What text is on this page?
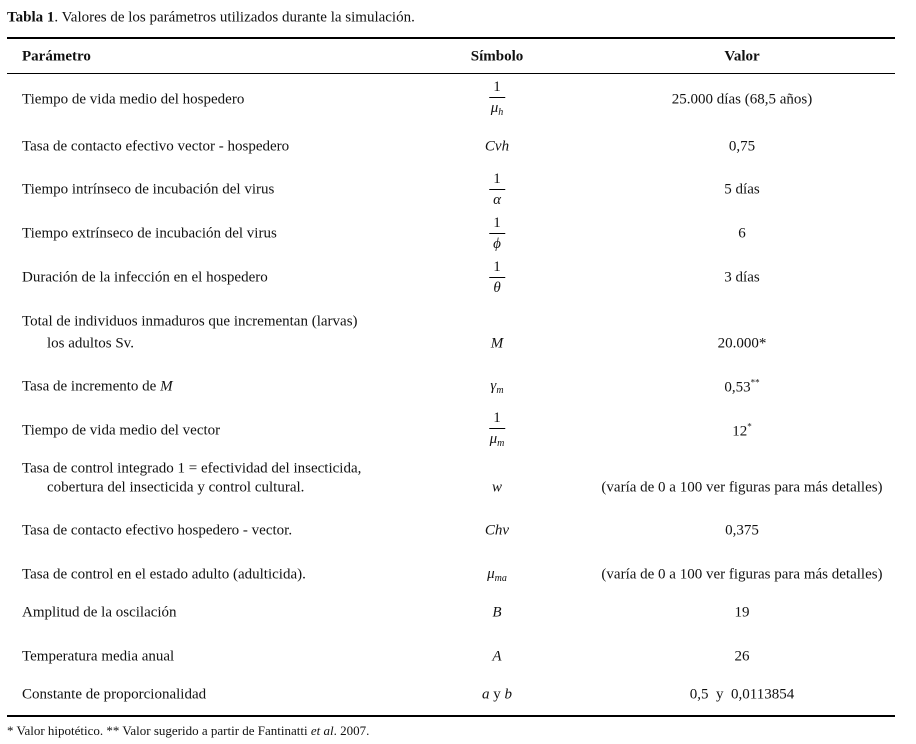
Tabla 1. Valores de los parámetros utilizados durante la simulación.
Parámetro	Símbolo	Valor
Tiempo de vida medio del hospedero	$\frac{1}{\mu_h}$	25.000 días (68,5 años)
Tasa de contacto efectivo vector - hospedero	Cvh	0,75
Tiempo intrínseco de incubación del virus	$\frac{1}{\alpha}$	5 días
Tiempo extrínseco de incubación del virus	$\frac{1}{\phi}$	6
Duración de la infección en el hospedero	$\frac{1}{\theta}$	3 días
Total de individuos inmaduros que incrementan (larvas)
los adultos Sv.	M	20.000*
Tasa de incremento de M	$\gamma_m$	0,53**
Tiempo de vida medio del vector	$\frac{1}{\mu_m}$	12*
Tasa de control integrado 1 = efectividad del insecticida,
cobertura del insecticida y control cultural.	w	(varía de 0 a 100 ver figuras para más detalles)
Tasa de contacto efectivo hospedero - vector.	Chv	0,375
Tasa de control en el estado adulto (adulticida).	$\mu_{ma}$	(varía de 0 a 100 ver figuras para más detalles)
Amplitud de la oscilación	B	19
Temperatura media anual	A	26
Constante de proporcionalidad	a y b	0,5  y  0,0113854
* Valor hipotético. ** Valor sugerido a partir de Fantinatti et al. 2007.
